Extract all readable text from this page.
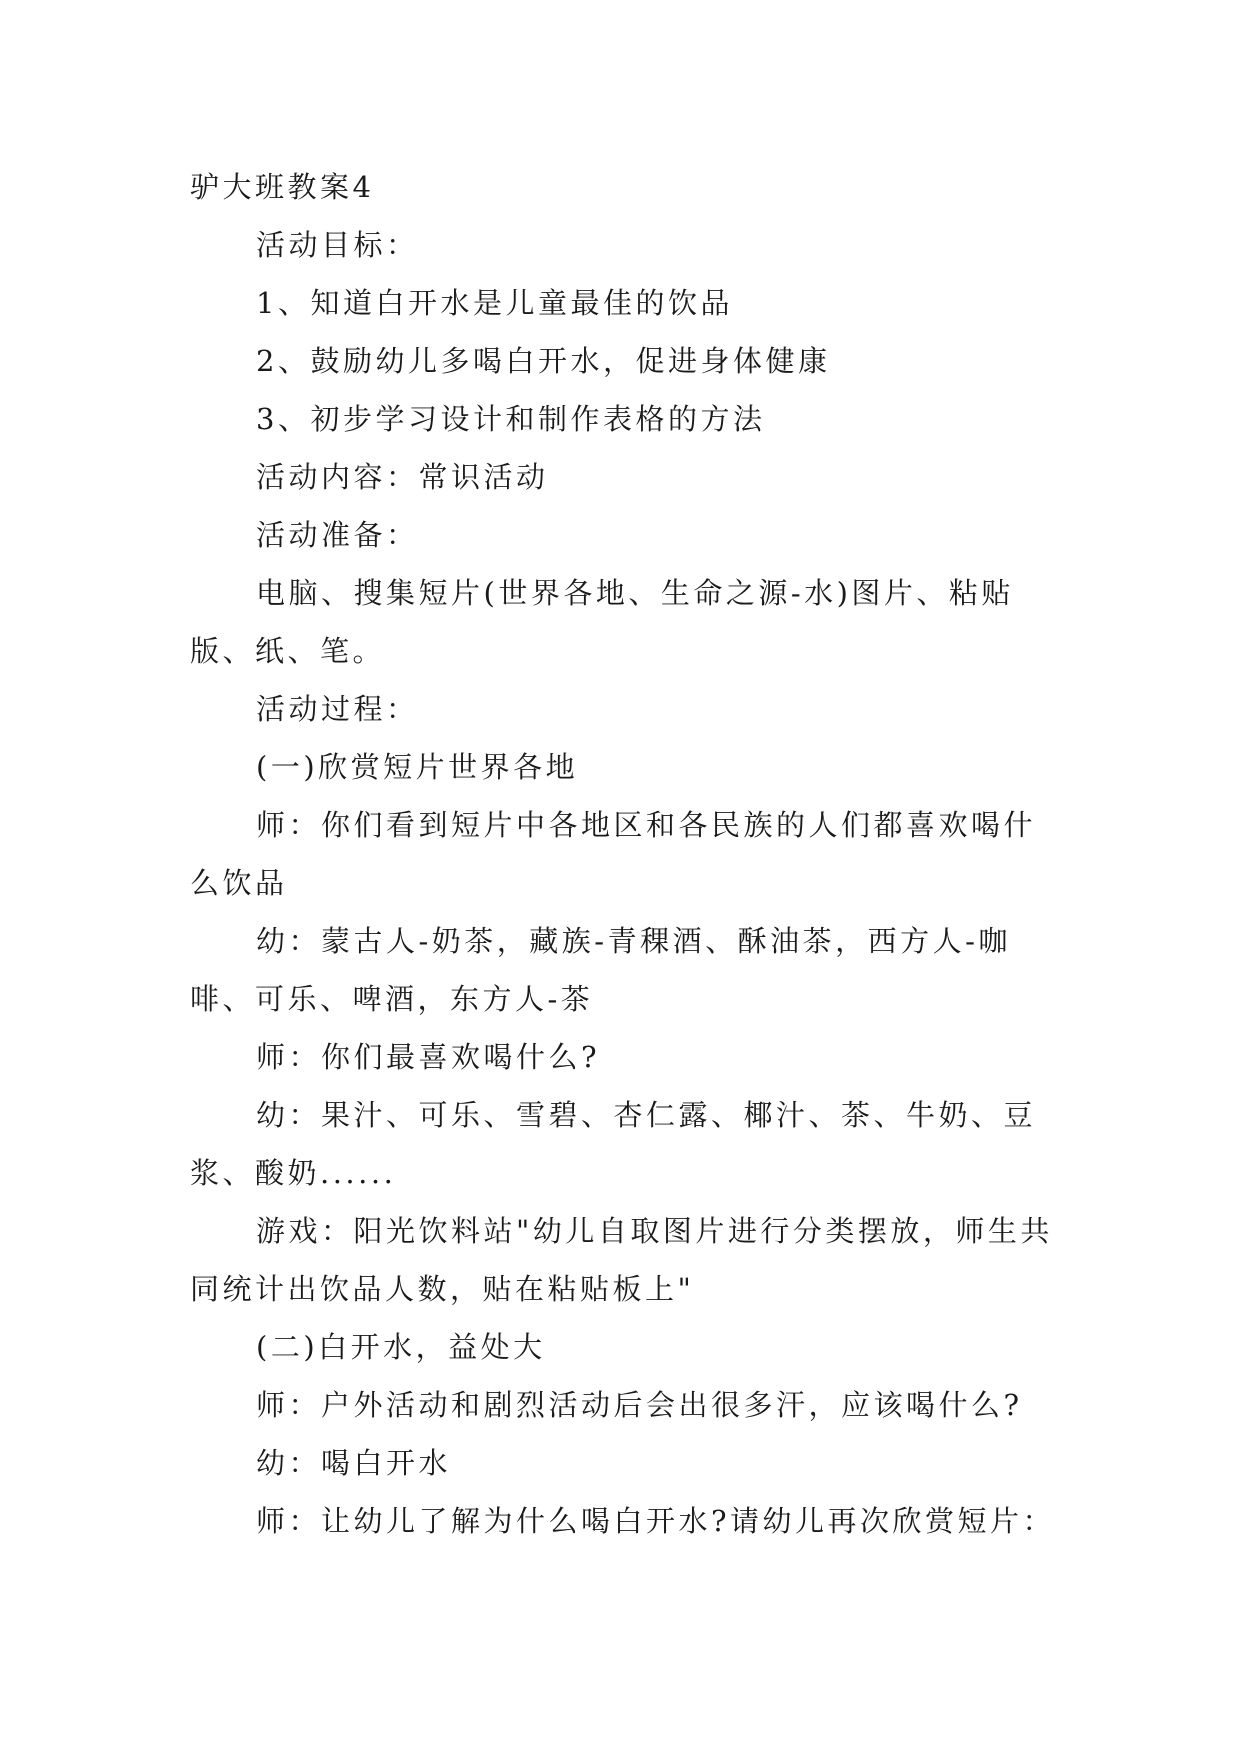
驴大班教案4

活动目标：

1、知道白开水是儿童最佳的饮品

2、鼓励幼儿多喝白开水，促进身体健康

3、初步学习设计和制作表格的方法

活动内容：常识活动

活动准备：

电脑、搜集短片(世界各地、生命之源-水)图片、粘贴版、纸、笔。

活动过程：

(一)欣赏短片世界各地

师：你们看到短片中各地区和各民族的人们都喜欢喝什么饮品

幼：蒙古人-奶茶，藏族-青稞酒、酥油茶，西方人-咖啡、可乐、啤酒，东方人-茶

师：你们最喜欢喝什么?

幼：果汁、可乐、雪碧、杏仁露、椰汁、茶、牛奶、豆浆、酸奶......

游戏：阳光饮料站"幼儿自取图片进行分类摆放，师生共同统计出饮品人数，贴在粘贴板上"

(二)白开水，益处大

师：户外活动和剧烈活动后会出很多汗，应该喝什么?

幼：喝白开水

师：让幼儿了解为什么喝白开水?请幼儿再次欣赏短片：
